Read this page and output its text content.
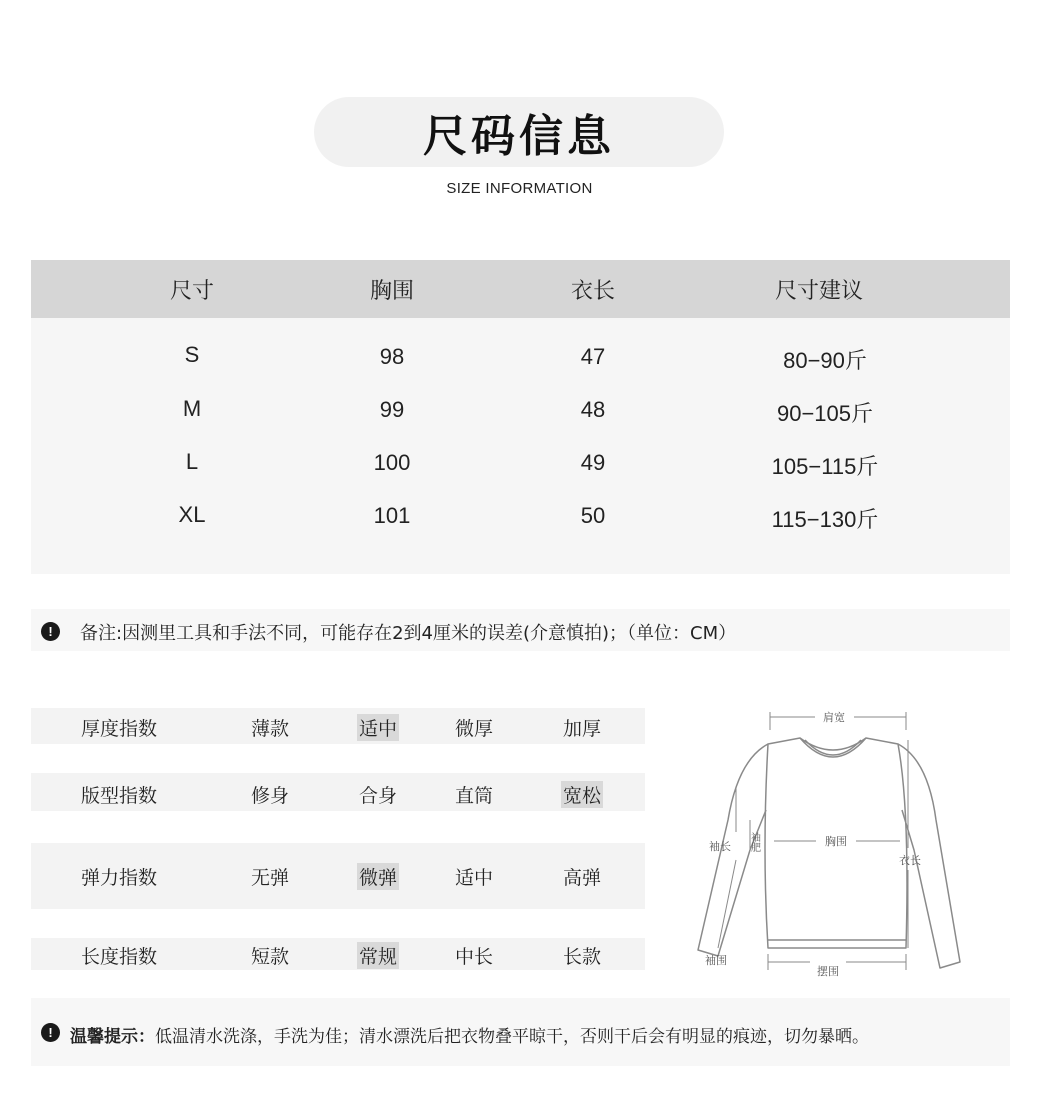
尺码信息
SIZE INFORMATION
尺寸	胸围	衣长	尺寸建议
S	98	47	80−90斤
M	99	48	90−105斤
L	100	49	105−115斤
XL	101	50	115−130斤
!	备注:因测里工具和手法不同，可能存在2到4厘米的误差(介意慎拍)；（单位：CM）
厚度指数	薄款	适中	微厚	加厚
版型指数	修身	合身	直筒	宽松
弹力指数	无弹	微弹	适中	高弹
长度指数	短款	常规	中长	长款
肩宽
袖长	胸围
衣长
袖围
摆围
袖肥
!	温馨提示：低温清水洗涤，手洗为佳；清水漂洗后把衣物叠平晾干，否则干后会有明显的痕迹，切勿暴晒。
